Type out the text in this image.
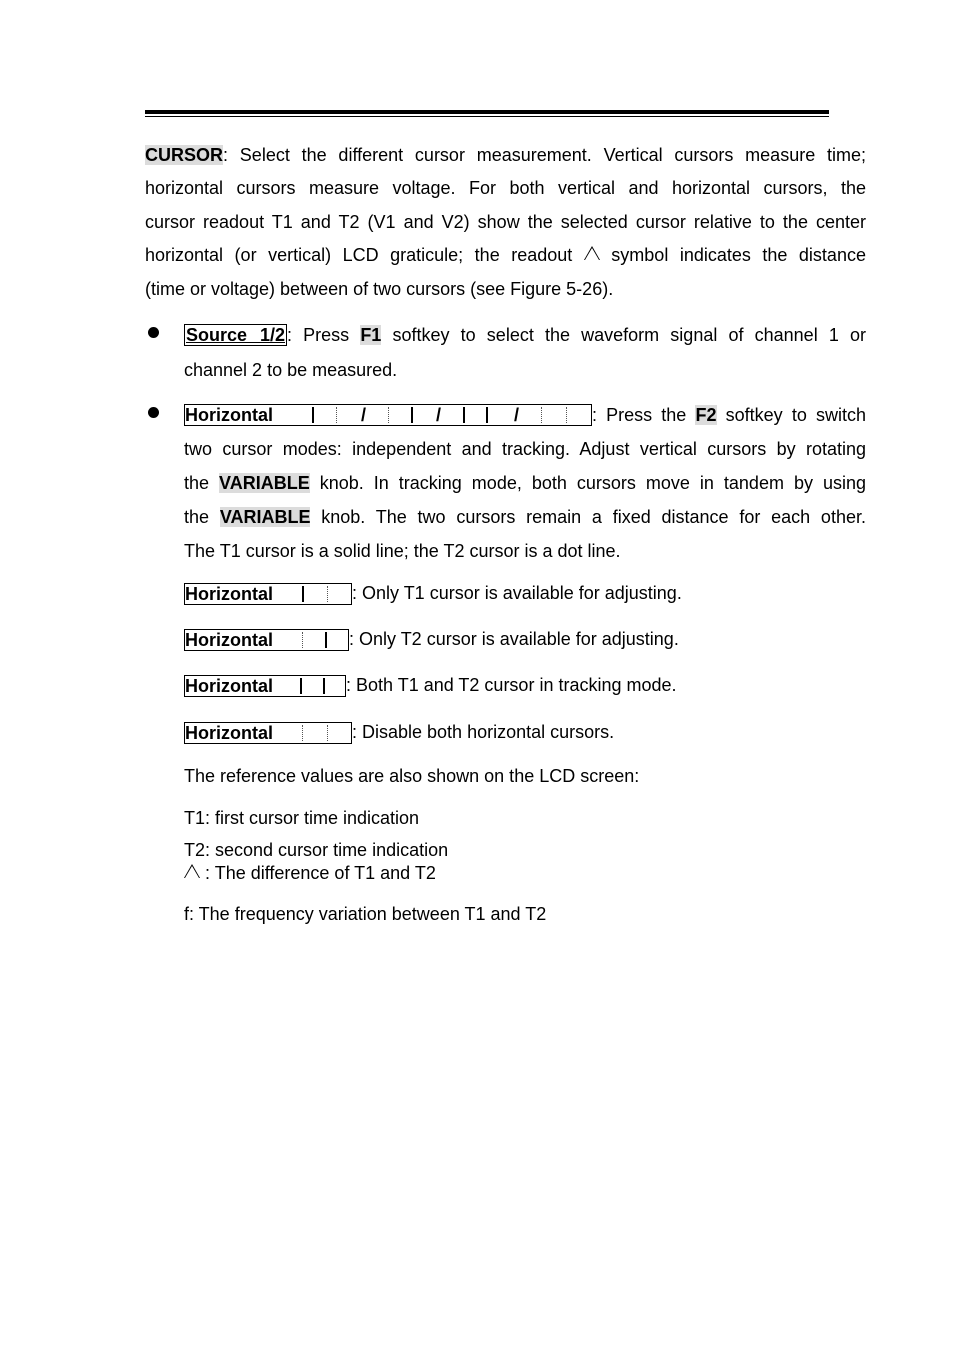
CURSOR: Select the different cursor measurement. Vertical cursors measure time;
horizontal cursors measure voltage. For both vertical and horizontal cursors, the
cursor readout T1 and T2 (V1 and V2) show the selected cursor relative to the center
horizontal (or vertical) LCD graticule; the readout symbol indicates the distance
(time or voltage) between of two cursors (see Figure 5-26).
Source 1/2 : Press F1 softkey to select the waveform signal of channel 1 or
channel 2 to be measured.
Horizontal	/	/	/	: Press the F2 softkey to switch
two cursor modes: independent and tracking. Adjust vertical cursors by rotating
the VARIABLE knob. In tracking mode, both cursors move in tandem by using
the VARIABLE knob. The two cursors remain a fixed distance for each other.
The T1 cursor is a solid line; the T2 cursor is a dot line.
Horizontal	: Only T1 cursor is available for adjusting.
Horizontal	: Only T2 cursor is available for adjusting.
Horizontal	: Both T1 and T2 cursor in tracking mode.
Horizontal	: Disable both horizontal cursors.
The reference values are also shown on the LCD screen:
T1: first cursor time indication
T2: second cursor time indication
: The difference of T1 and T2
f: The frequency variation between T1 and T2
